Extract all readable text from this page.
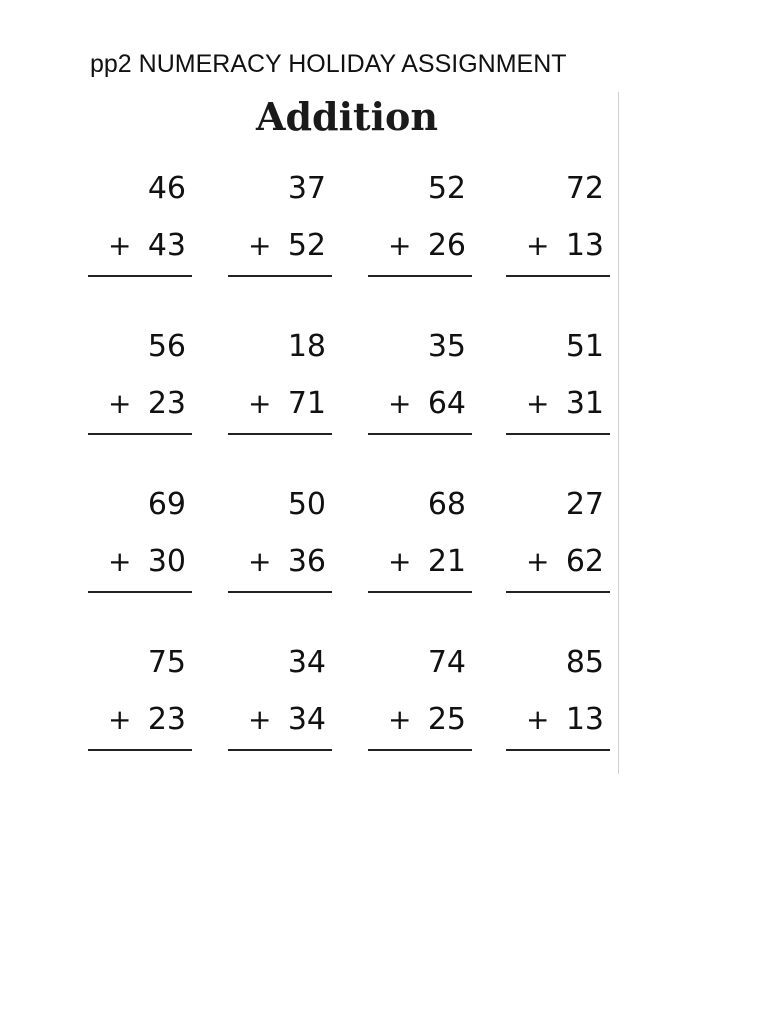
pp2 NUMERACY HOLIDAY ASSIGNMENT
Addition
46
+ 43
37
+ 52
52
+ 26
72
+ 13
56
+ 23
18
+ 71
35
+ 64
51
+ 31
69
+ 30
50
+ 36
68
+ 21
27
+ 62
75
+ 23
34
+ 34
74
+ 25
85
+ 13
